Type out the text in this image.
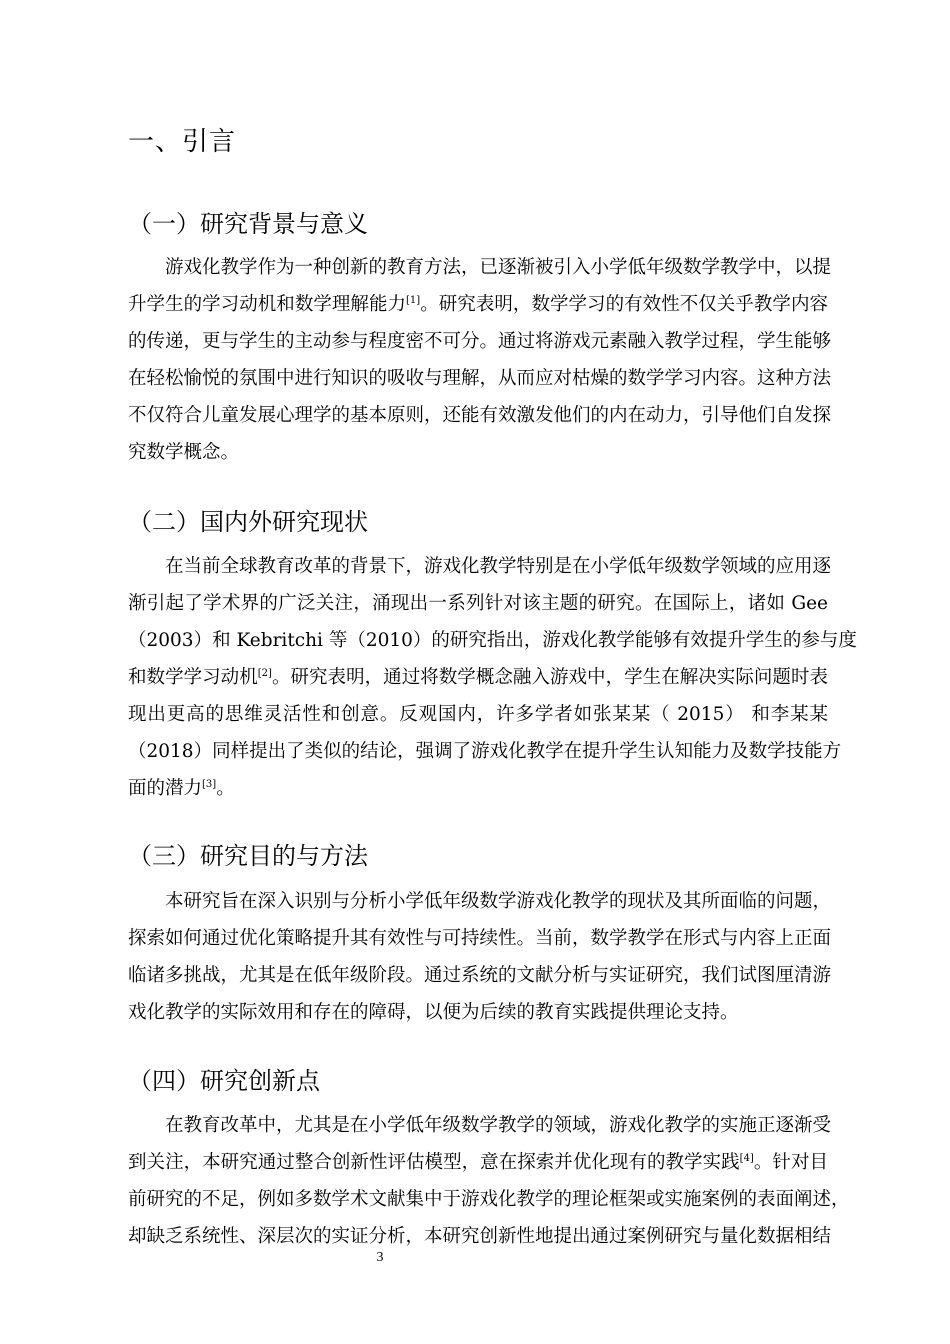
一、引言
（一）研究背景与意义
游戏化教学作为一种创新的教育方法，已逐渐被引入小学低年级数学教学中，以提
升学生的学习动机和数学理解能力[1]。研究表明，数学学习的有效性不仅关乎教学内容
的传递，更与学生的主动参与程度密不可分。通过将游戏元素融入教学过程，学生能够
在轻松愉悦的氛围中进行知识的吸收与理解，从而应对枯燥的数学学习内容。这种方法
不仅符合儿童发展心理学的基本原则，还能有效激发他们的内在动力，引导他们自发探
究数学概念。
（二）国内外研究现状
在当前全球教育改革的背景下，游戏化教学特别是在小学低年级数学领域的应用逐
渐引起了学术界的广泛关注，涌现出一系列针对该主题的研究。在国际上，诸如 Gee
（2003）和 Kebritchi 等（2010）的研究指出，游戏化教学能够有效提升学生的参与度
和数学学习动机[2]。研究表明，通过将数学概念融入游戏中，学生在解决实际问题时表
现出更高的思维灵活性和创意。反观国内，许多学者如张某某（ 2015） 和李某某
（2018）同样提出了类似的结论，强调了游戏化教学在提升学生认知能力及数学技能方
面的潜力[3]。
（三）研究目的与方法
本研究旨在深入识别与分析小学低年级数学游戏化教学的现状及其所面临的问题，
探索如何通过优化策略提升其有效性与可持续性。当前，数学教学在形式与内容上正面
临诸多挑战，尤其是在低年级阶段。通过系统的文献分析与实证研究，我们试图厘清游
戏化教学的实际效用和存在的障碍，以便为后续的教育实践提供理论支持。
（四）研究创新点
在教育改革中，尤其是在小学低年级数学教学的领域，游戏化教学的实施正逐渐受
到关注，本研究通过整合创新性评估模型，意在探索并优化现有的教学实践[4]。针对目
前研究的不足，例如多数学术文献集中于游戏化教学的理论框架或实施案例的表面阐述，
却缺乏系统性、深层次的实证分析，本研究创新性地提出通过案例研究与量化数据相结
3
